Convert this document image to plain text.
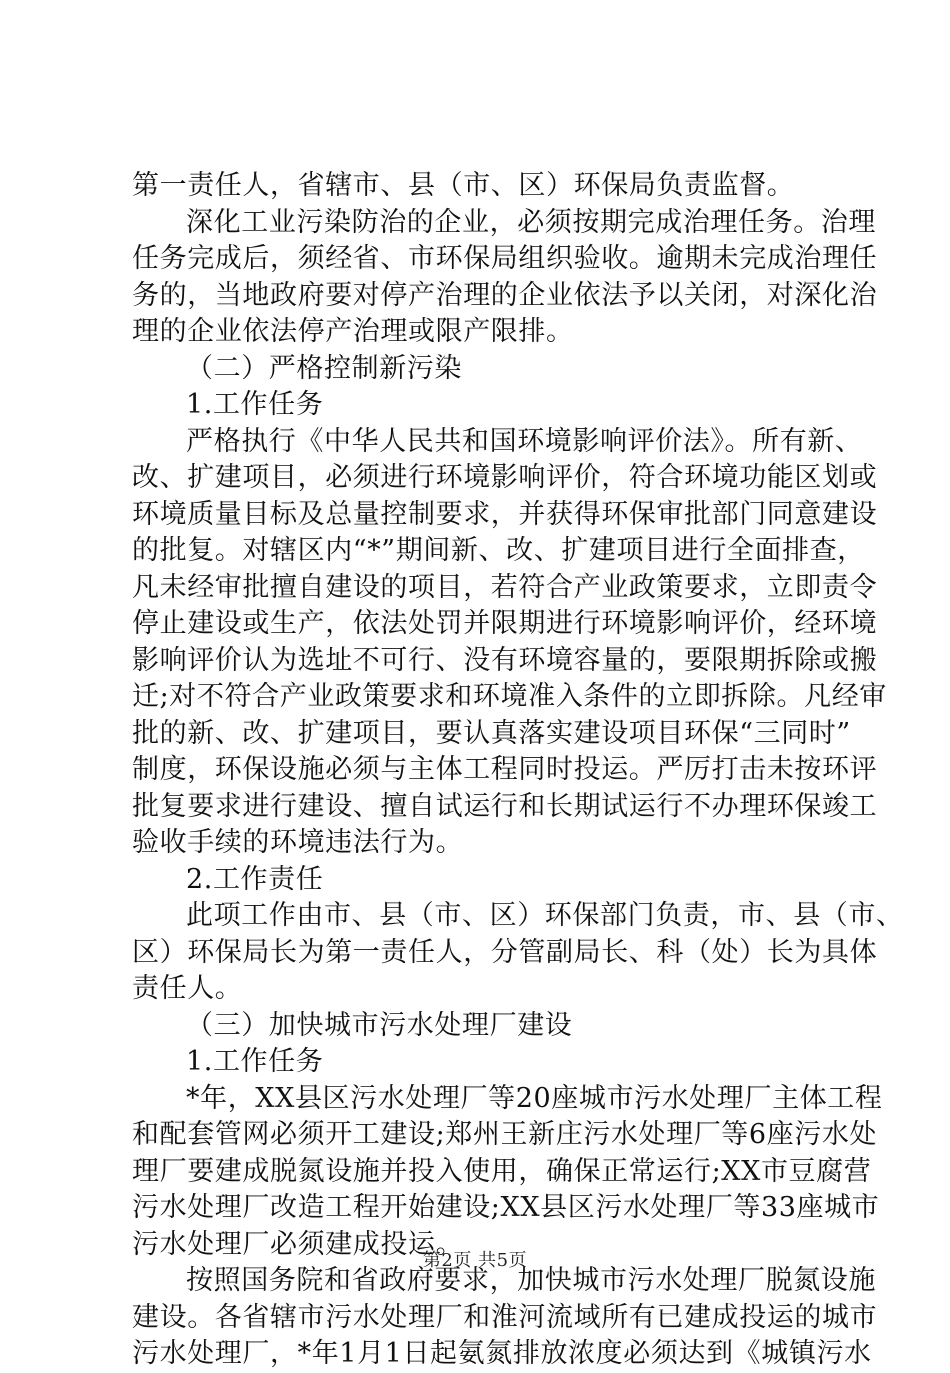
第一责任人，省辖市、县（市、区）环保局负责监督。
深化工业污染防治的企业，必须按期完成治理任务。治理
任务完成后，须经省、市环保局组织验收。逾期未完成治理任
务的，当地政府要对停产治理的企业依法予以关闭，对深化治
理的企业依法停产治理或限产限排。
（二）严格控制新污染
1.工作任务
严格执行《中华人民共和国环境影响评价法》。所有新、
改、扩建项目，必须进行环境影响评价，符合环境功能区划或
环境质量目标及总量控制要求，并获得环保审批部门同意建设
的批复。对辖区内“*”期间新、改、扩建项目进行全面排查，
凡未经审批擅自建设的项目，若符合产业政策要求，立即责令
停止建设或生产，依法处罚并限期进行环境影响评价，经环境
影响评价认为选址不可行、没有环境容量的，要限期拆除或搬
迁;对不符合产业政策要求和环境准入条件的立即拆除。凡经审
批的新、改、扩建项目，要认真落实建设项目环保“三同时”
制度，环保设施必须与主体工程同时投运。严厉打击未按环评
批复要求进行建设、擅自试运行和长期试运行不办理环保竣工
验收手续的环境违法行为。
2.工作责任
此项工作由市、县（市、区）环保部门负责，市、县（市、
区）环保局长为第一责任人，分管副局长、科（处）长为具体
责任人。
（三）加快城市污水处理厂建设
1.工作任务
*年，XX县区污水处理厂等20座城市污水处理厂主体工程
和配套管网必须开工建设;郑州王新庄污水处理厂等6座污水处
理厂要建成脱氮设施并投入使用，确保正常运行;XX市豆腐营
污水处理厂改造工程开始建设;XX县区污水处理厂等33座城市
污水处理厂必须建成投运。
按照国务院和省政府要求，加快城市污水处理厂脱氮设施
建设。各省辖市污水处理厂和淮河流域所有已建成投运的城市
污水处理厂，*年1月1日起氨氮排放浓度必须达到《城镇污水
第2页 共5页
